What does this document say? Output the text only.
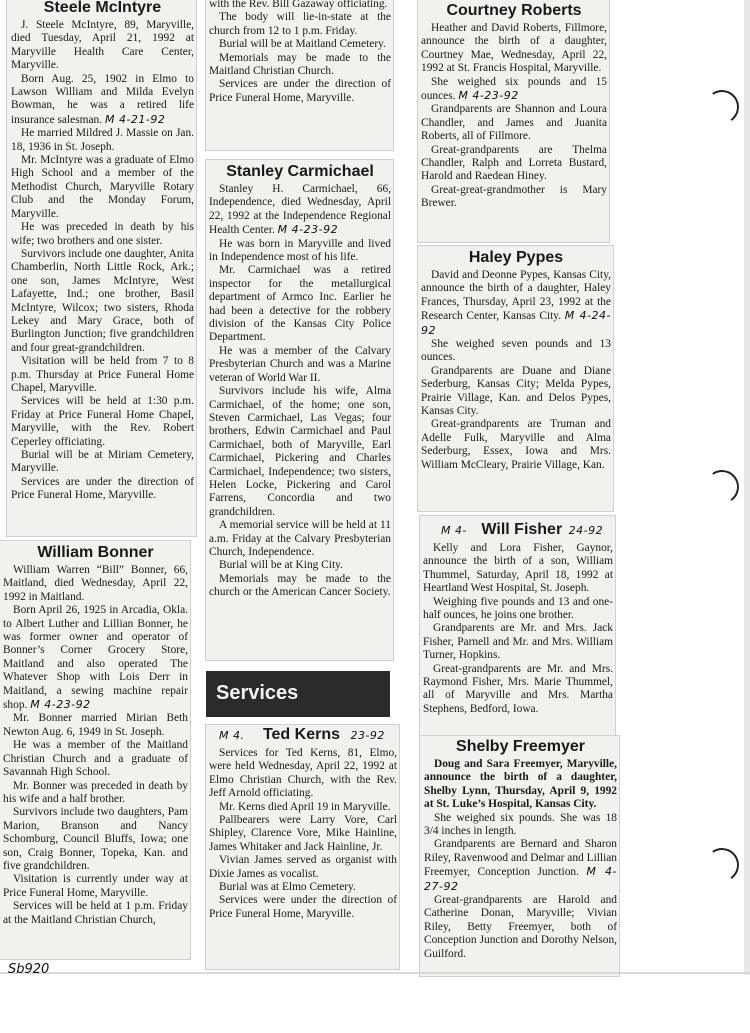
Steele McIntyre

J. Steele McIntyre, 89, Maryville, died Tuesday, April 21, 1992 at Maryville Health Care Center, Maryville.

Born Aug. 25, 1902 in Elmo to Lawson William and Milda Evelyn Bowman, he was a retired life insurance salesman. M 4-21-92

He married Mildred J. Massie on Jan. 18, 1936 in St. Joseph.

Mr. McIntyre was a graduate of Elmo High School and a member of the Methodist Church, Maryville Rotary Club and the Monday Forum, Maryville.

He was preceded in death by his wife; two brothers and one sister.

Survivors include one daughter, Anita Chamberlin, North Little Rock, Ark.; one son, James McIntyre, West Lafayette, Ind.; one brother, Basil McIntyre, Wilcox; two sisters, Rhoda Lekey and Mary Grace, both of Burlington Junction; five grandchildren and four great-grandchildren.

Visitation will be held from 7 to 8 p.m. Thursday at Price Funeral Home Chapel, Maryville.

Services will be held at 1:30 p.m. Friday at Price Funeral Home Chapel, Maryville, with the Rev. Robert Ceperley officiating.

Burial will be at Miriam Cemetery, Maryville.

Services are under the direction of Price Funeral Home, Maryville.

William Bonner

William Warren “Bill” Bonner, 66, Maitland, died Wednesday, April 22, 1992 in Maitland.

Born April 26, 1925 in Arcadia, Okla. to Albert Luther and Lillian Bonner, he was former owner and operator of Bonner’s Corner Grocery Store, Maitland and also operated The Whatever Shop with Lois Derr in Maitland, a sewing machine repair shop. M 4-23-92

Mr. Bonner married Mirian Beth Newton Aug. 6, 1949 in St. Joseph.

He was a member of the Maitland Christian Church and a graduate of Savannah High School.

Mr. Bonner was preceded in death by his wife and a half brother.

Survivors include two daughters, Pam Marion, Branson and Nancy Schomburg, Council Bluffs, Iowa; one son, Craig Bonner, Topeka, Kan. and five grandchildren.

Visitation is currently under way at Price Funeral Home, Maryville.

Services will be held at 1 p.m. Friday at the Maitland Christian Church,

with the Rev. Bill Gazaway officiating.

The body will lie-in-state at the church from 12 to 1 p.m. Friday.

Burial will be at Maitland Cemetery.

Memorials may be made to the Maitland Christian Church.

Services are under the direction of Price Funeral Home, Maryville.

Stanley Carmichael

Stanley H. Carmichael, 66, Independence, died Wednesday, April 22, 1992 at the Independence Regional Health Center. M 4-23-92

He was born in Maryville and lived in Independence most of his life.

Mr. Carmichael was a retired inspector for the metallurgical department of Armco Inc. Earlier he had been a detective for the robbery division of the Kansas City Police Department.

He was a member of the Calvary Presbyterian Church and was a Marine veteran of World War II.

Survivors include his wife, Alma Carmichael, of the home; one son, Steven Carmichael, Las Vegas; four brothers, Edwin Carmichael and Paul Carmichael, both of Maryville, Earl Carmichael, Pickering and Charles Carmichael, Independence; two sisters, Helen Locke, Pickering and Carol Farrens, Concordia and two grandchildren.

A memorial service will be held at 11 a.m. Friday at the Calvary Presbyterian Church, Independence.

Burial will be at King City.

Memorials may be made to the church or the American Cancer Society.

Services
M 4. Ted Kerns 23-92

Services for Ted Kerns, 81, Elmo, were held Wednesday, April 22, 1992 at Elmo Christian Church, with the Rev. Jeff Arnold officiating.

Mr. Kerns died April 19 in Maryville.

Pallbearers were Larry Vore, Carl Shipley, Clarence Vore, Mike Hainline, James Whitaker and Jack Hainline, Jr.

Vivian James served as organist with Dixie James as vocalist.

Burial was at Elmo Cemetery.

Services were under the direction of Price Funeral Home, Maryville.

Courtney Roberts

Heather and David Roberts, Fillmore, announce the birth of a daughter, Courtney Mae, Wednesday, April 22, 1992 at St. Francis Hospital, Maryville.

She weighed six pounds and 15 ounces. M 4-23-92

Grandparents are Shannon and Loura Chandler, and James and Juanita Roberts, all of Fillmore.

Great-grandparents are Thelma Chandler, Ralph and Lorreta Bustard, Harold and Raedean Hiney.

Great-great-grandmother is Mary Brewer.

Haley Pypes

David and Deonne Pypes, Kansas City, announce the birth of a daughter, Haley Frances, Thursday, April 23, 1992 at the Research Center, Kansas City. M 4-24-92

She weighed seven pounds and 13 ounces.

Grandparents are Duane and Diane Sederburg, Kansas City; Melda Pypes, Prairie Village, Kan. and Delos Pypes, Kansas City.

Great-grandparents are Truman and Adelle Fulk, Maryville and Alma Sederburg, Essex, Iowa and Mrs. William McCleary, Prairie Village, Kan.

M 4- Will Fisher 24-92

Kelly and Lora Fisher, Gaynor, announce the birth of a son, William Thummel, Saturday, April 18, 1992 at Heartland West Hospital, St. Joseph.

Weighing five pounds and 13 and one-half ounces, he joins one brother.

Grandparents are Mr. and Mrs. Jack Fisher, Parnell and Mr. and Mrs. William Turner, Hopkins.

Great-grandparents are Mr. and Mrs. Raymond Fisher, Mrs. Marie Thummel, all of Maryville and Mrs. Martha Stephens, Bedford, Iowa.

Shelby Freemyer

Doug and Sara Freemyer, Maryville, announce the birth of a daughter, Shelby Lynn, Thursday, April 9, 1992 at St. Luke’s Hospital, Kansas City.

She weighed six pounds. She was 18 3/4 inches in length.

Grandparents are Bernard and Sharon Riley, Ravenwood and Delmar and Lillian Freemyer, Conception Junction. M 4-27-92

Great-grandparents are Harold and Catherine Donan, Maryville; Vivian Riley, Betty Freemyer, both of Conception Junction and Dorothy Nelson, Guilford.

Sb920
